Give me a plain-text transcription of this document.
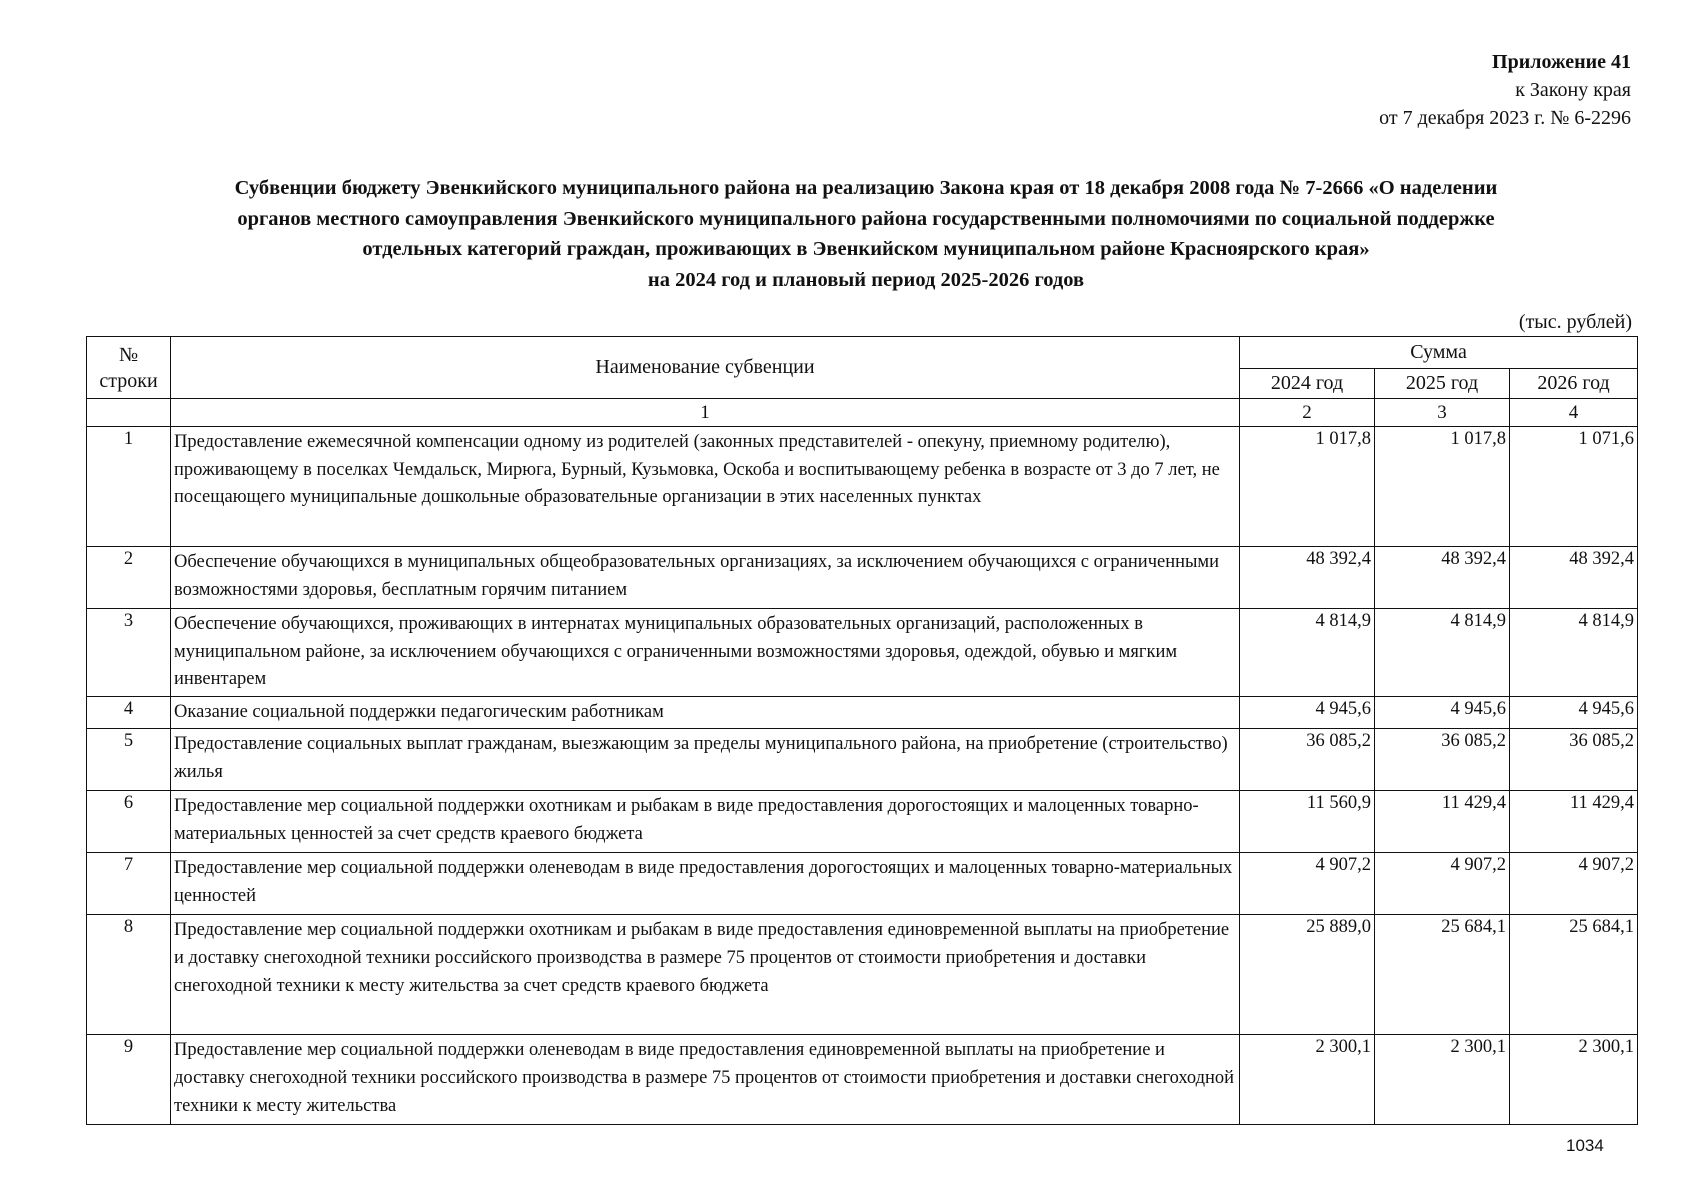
Приложение 41
к Закону края
от 7 декабря 2023 г. № 6-2296
Субвенции бюджету Эвенкийского муниципального района на реализацию Закона края от 18 декабря 2008 года № 7-2666 «О наделении
органов местного самоуправления Эвенкийского муниципального района государственными полномочиями по социальной поддержке
отдельных категорий граждан, проживающих в Эвенкийском муниципальном районе Красноярского края»
на 2024 год и плановый период 2025-2026 годов
(тыс. рублей)
№ строки	Наименование субвенции	Сумма		
		2024 год	2025 год	2026 год
	1	2	3	4
1	Предоставление ежемесячной компенсации одному из родителей (законных представителей - опекуну, приемному родителю), проживающему в поселках Чемдальск, Мирюга, Бурный, Кузьмовка, Оскоба и воспитывающему ребенка в возрасте от 3 до 7 лет, не посещающего муниципальные дошкольные образовательные организации в этих населенных пунктах	1 017,8	1 017,8	1 071,6
2	Обеспечение обучающихся в муниципальных общеобразовательных организациях, за исключением обучающихся с ограниченными возможностями здоровья, бесплатным горячим питанием	48 392,4	48 392,4	48 392,4
3	Обеспечение обучающихся, проживающих в интернатах муниципальных образовательных организаций, расположенных в муниципальном районе, за исключением обучающихся с ограниченными возможностями здоровья, одеждой, обувью и мягким инвентарем	4 814,9	4 814,9	4 814,9
4	Оказание социальной поддержки педагогическим работникам	4 945,6	4 945,6	4 945,6
5	Предоставление социальных выплат гражданам, выезжающим за пределы муниципального района, на приобретение (строительство) жилья	36 085,2	36 085,2	36 085,2
6	Предоставление мер социальной поддержки охотникам и рыбакам в виде предоставления дорогостоящих и малоценных товарно-материальных ценностей за счет средств краевого бюджета	11 560,9	11 429,4	11 429,4
7	Предоставление мер социальной поддержки оленеводам в виде предоставления дорогостоящих и малоценных товарно-материальных ценностей	4 907,2	4 907,2	4 907,2
8	Предоставление мер социальной поддержки охотникам и рыбакам в виде предоставления единовременной выплаты на приобретение и доставку снегоходной техники российского производства в размере 75 процентов от стоимости приобретения и доставки снегоходной техники к месту жительства за счет средств краевого бюджета	25 889,0	25 684,1	25 684,1
9	Предоставление мер социальной поддержки оленеводам в виде предоставления единовременной выплаты на приобретение и доставку снегоходной техники российского производства в размере 75 процентов от стоимости приобретения и доставки снегоходной техники к месту жительства	2 300,1	2 300,1	2 300,1
1034
